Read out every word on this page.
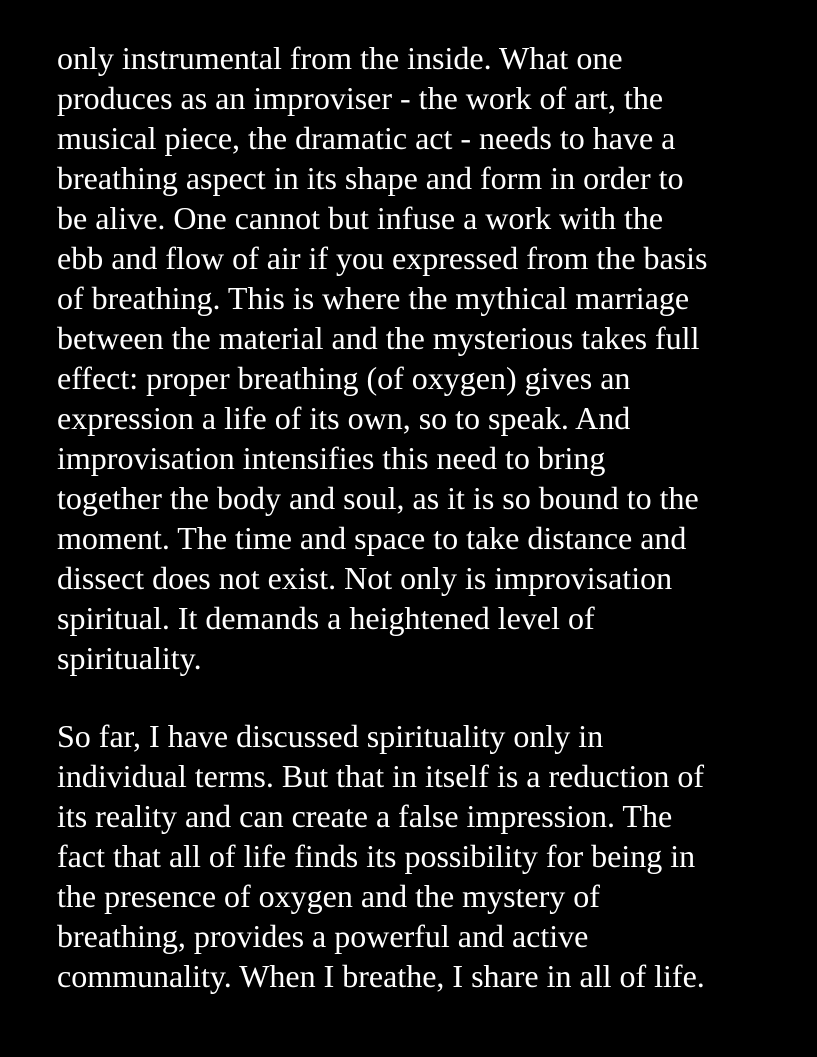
only instrumental from the inside. What one
produces as an improviser - the work of art, the
musical piece, the dramatic act - needs to have a
breathing aspect in its shape and form in order to
be alive. One cannot but infuse a work with the
ebb and flow of air if you expressed from the basis
of breathing. This is where the mythical marriage
between the material and the mysterious takes full
effect: proper breathing (of oxygen) gives an
expression a life of its own, so to speak. And
improvisation intensifies this need to bring
together the body and soul, as it is so bound to the
moment. The time and space to take distance and
dissect does not exist. Not only is improvisation
spiritual. It demands a heightened level of
spirituality.

So far, I have discussed spirituality only in
individual terms. But that in itself is a reduction of
its reality and can create a false impression. The
fact that all of life finds its possibility for being in
the presence of oxygen and the mystery of
breathing, provides a powerful and active
communality. When I breathe, I share in all of life.
